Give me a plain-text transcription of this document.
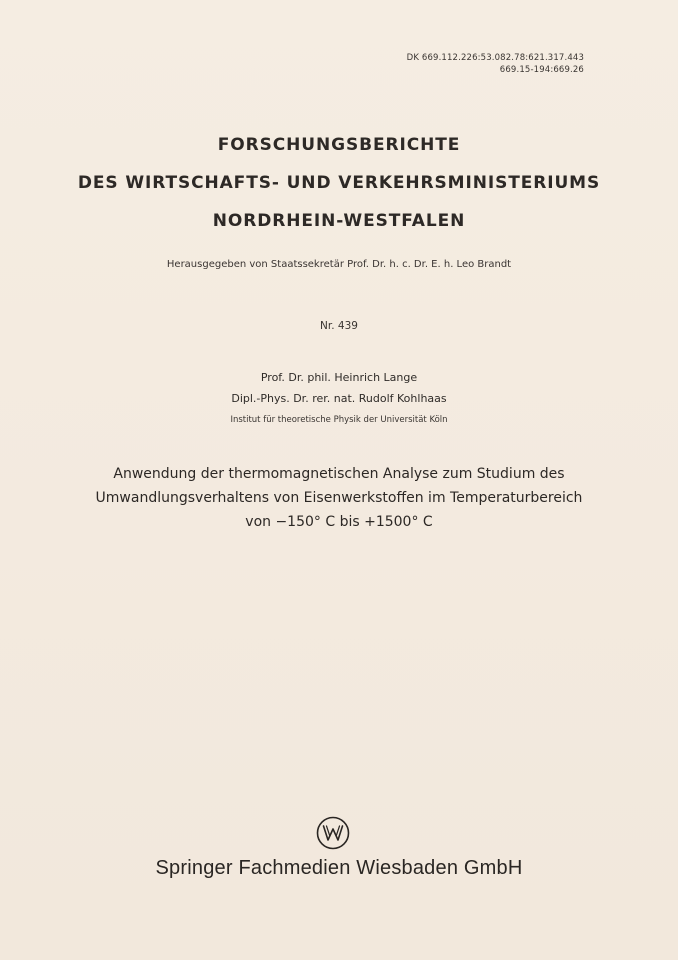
DK 669.112.226:53.082.78:621.317.443
669.15-194:669.26
FORSCHUNGSBERICHTE
DES WIRTSCHAFTS- UND VERKEHRSMINISTERIUMS
NORDRHEIN-WESTFALEN
Herausgegeben von Staatssekretär Prof. Dr. h. c. Dr. E. h. Leo Brandt
Nr. 439
Prof. Dr. phil. Heinrich Lange
Dipl.-Phys. Dr. rer. nat. Rudolf Kohlhaas
Institut für theoretische Physik der Universität Köln
Anwendung der thermomagnetischen Analyse zum Studium des
Umwandlungsverhaltens von Eisenwerkstoffen im Temperaturbereich
von −150° C bis +1500° C
Springer Fachmedien Wiesbaden GmbH
